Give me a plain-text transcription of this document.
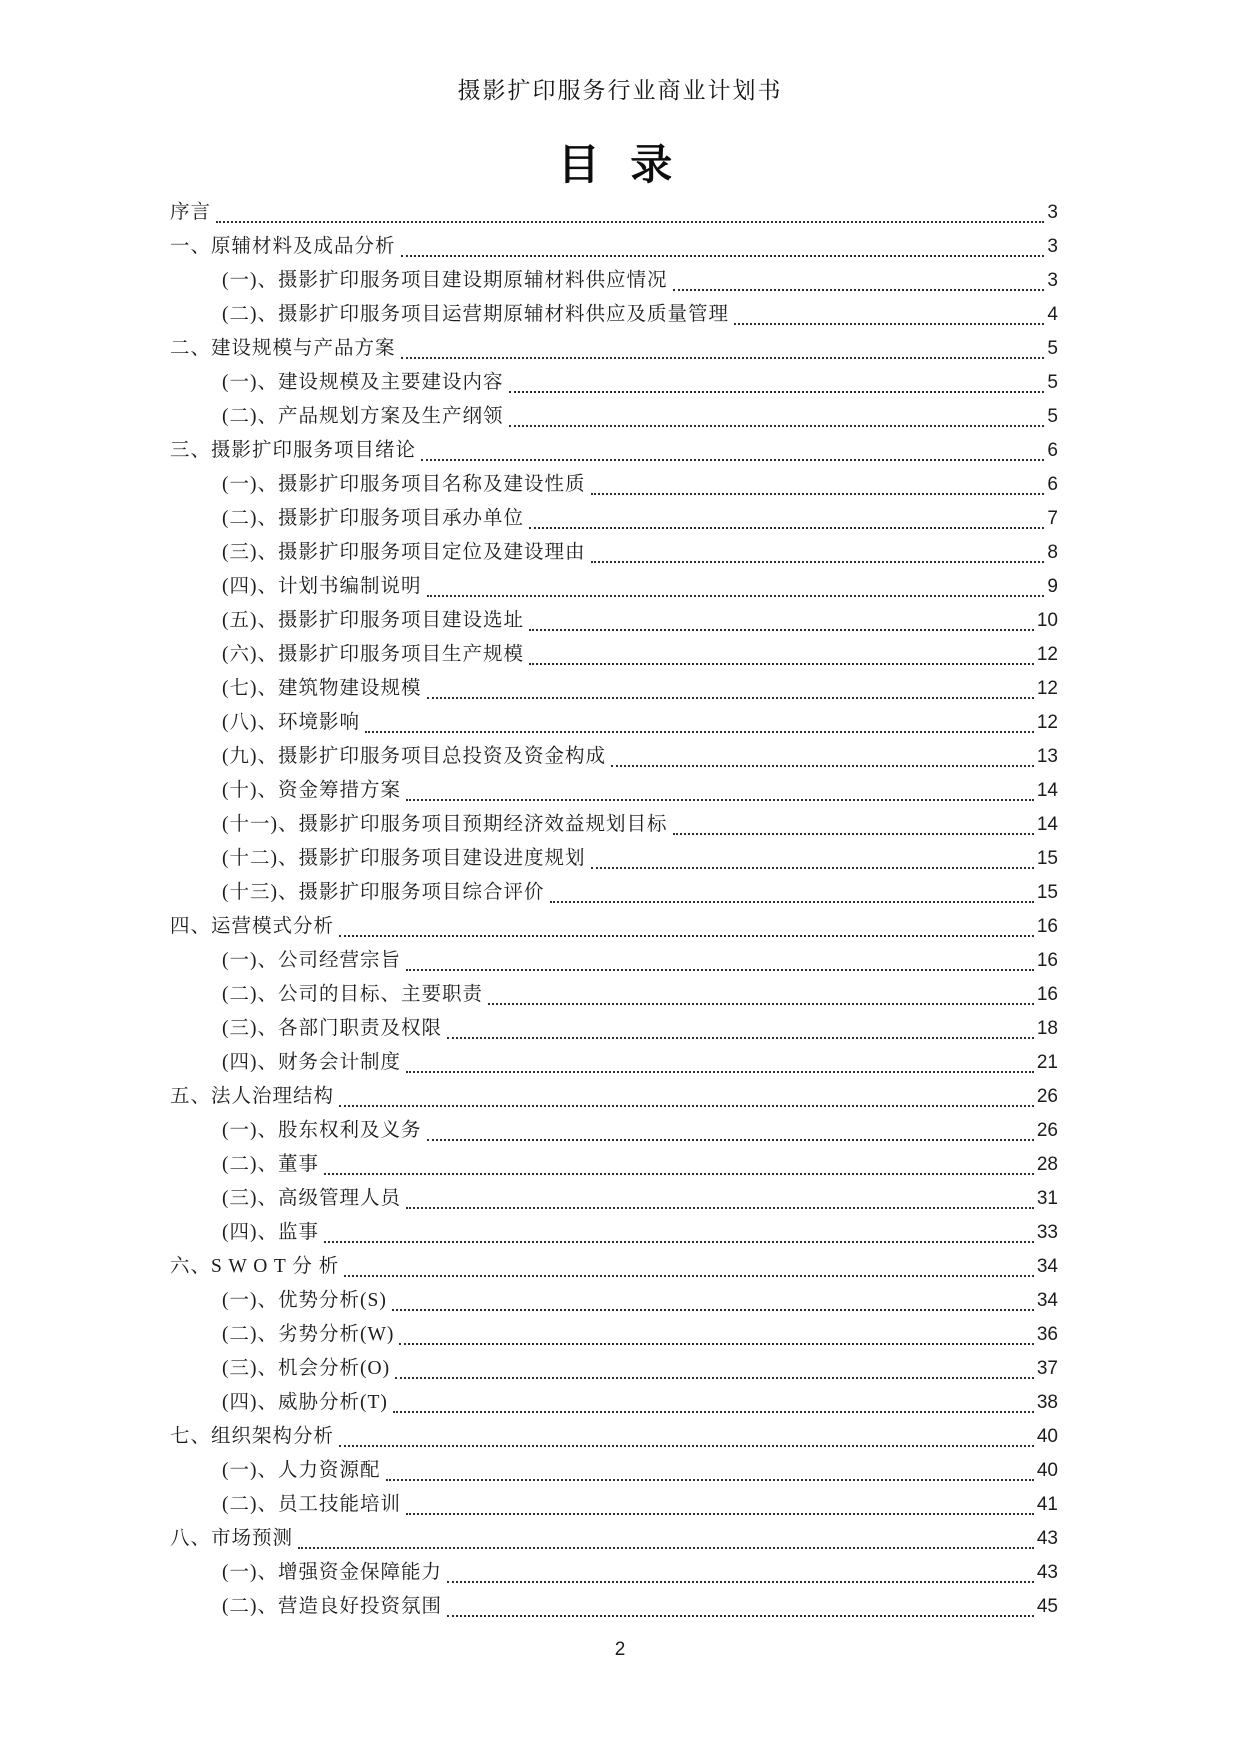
摄影扩印服务行业商业计划书
目 录
序言	3
一、原辅材料及成品分析	3
(一)、摄影扩印服务项目建设期原辅材料供应情况	3
(二)、摄影扩印服务项目运营期原辅材料供应及质量管理	4
二、建设规模与产品方案	5
(一)、建设规模及主要建设内容	5
(二)、产品规划方案及生产纲领	5
三、摄影扩印服务项目绪论	6
(一)、摄影扩印服务项目名称及建设性质	6
(二)、摄影扩印服务项目承办单位	7
(三)、摄影扩印服务项目定位及建设理由	8
(四)、计划书编制说明	9
(五)、摄影扩印服务项目建设选址	10
(六)、摄影扩印服务项目生产规模	12
(七)、建筑物建设规模	12
(八)、环境影响	12
(九)、摄影扩印服务项目总投资及资金构成	13
(十)、资金筹措方案	14
(十一)、摄影扩印服务项目预期经济效益规划目标	14
(十二)、摄影扩印服务项目建设进度规划	15
(十三)、摄影扩印服务项目综合评价	15
四、运营模式分析	16
(一)、公司经营宗旨	16
(二)、公司的目标、主要职责	16
(三)、各部门职责及权限	18
(四)、财务会计制度	21
五、法人治理结构	26
(一)、股东权利及义务	26
(二)、董事	28
(三)、高级管理人员	31
(四)、监事	33
六、S W O T 分 析	34
(一)、优势分析(S)	34
(二)、劣势分析(W)	36
(三)、机会分析(O)	37
(四)、威胁分析(T)	38
七、组织架构分析	40
(一)、人力资源配	40
(二)、员工技能培训	41
八、市场预测	43
(一)、增强资金保障能力	43
(二)、营造良好投资氛围	45
2
